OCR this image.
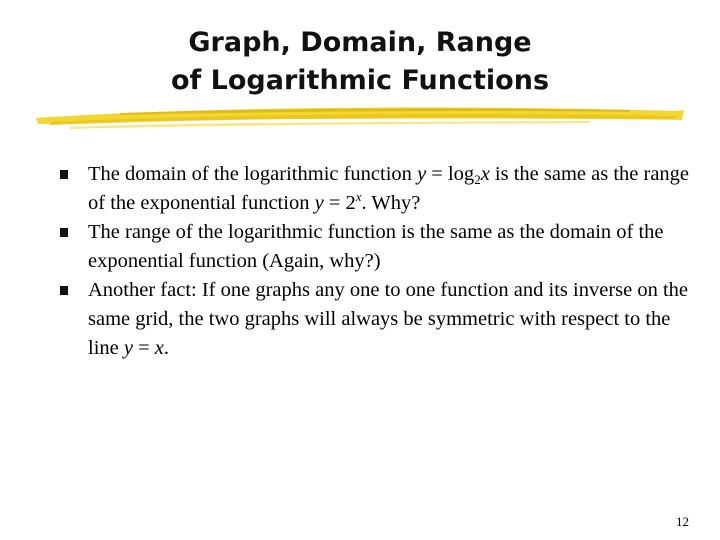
Graph, Domain, Range
of Logarithmic Functions
The domain of the logarithmic function $y = \log_2x$ is the same as the range of the exponential function $y = 2^x$. Why?
The range of the logarithmic function is the same as the domain of the exponential function (Again, why?)
Another fact: If one graphs any one to one function and its inverse on the same grid, the two graphs will always be symmetric with respect to the line y = x.
12
